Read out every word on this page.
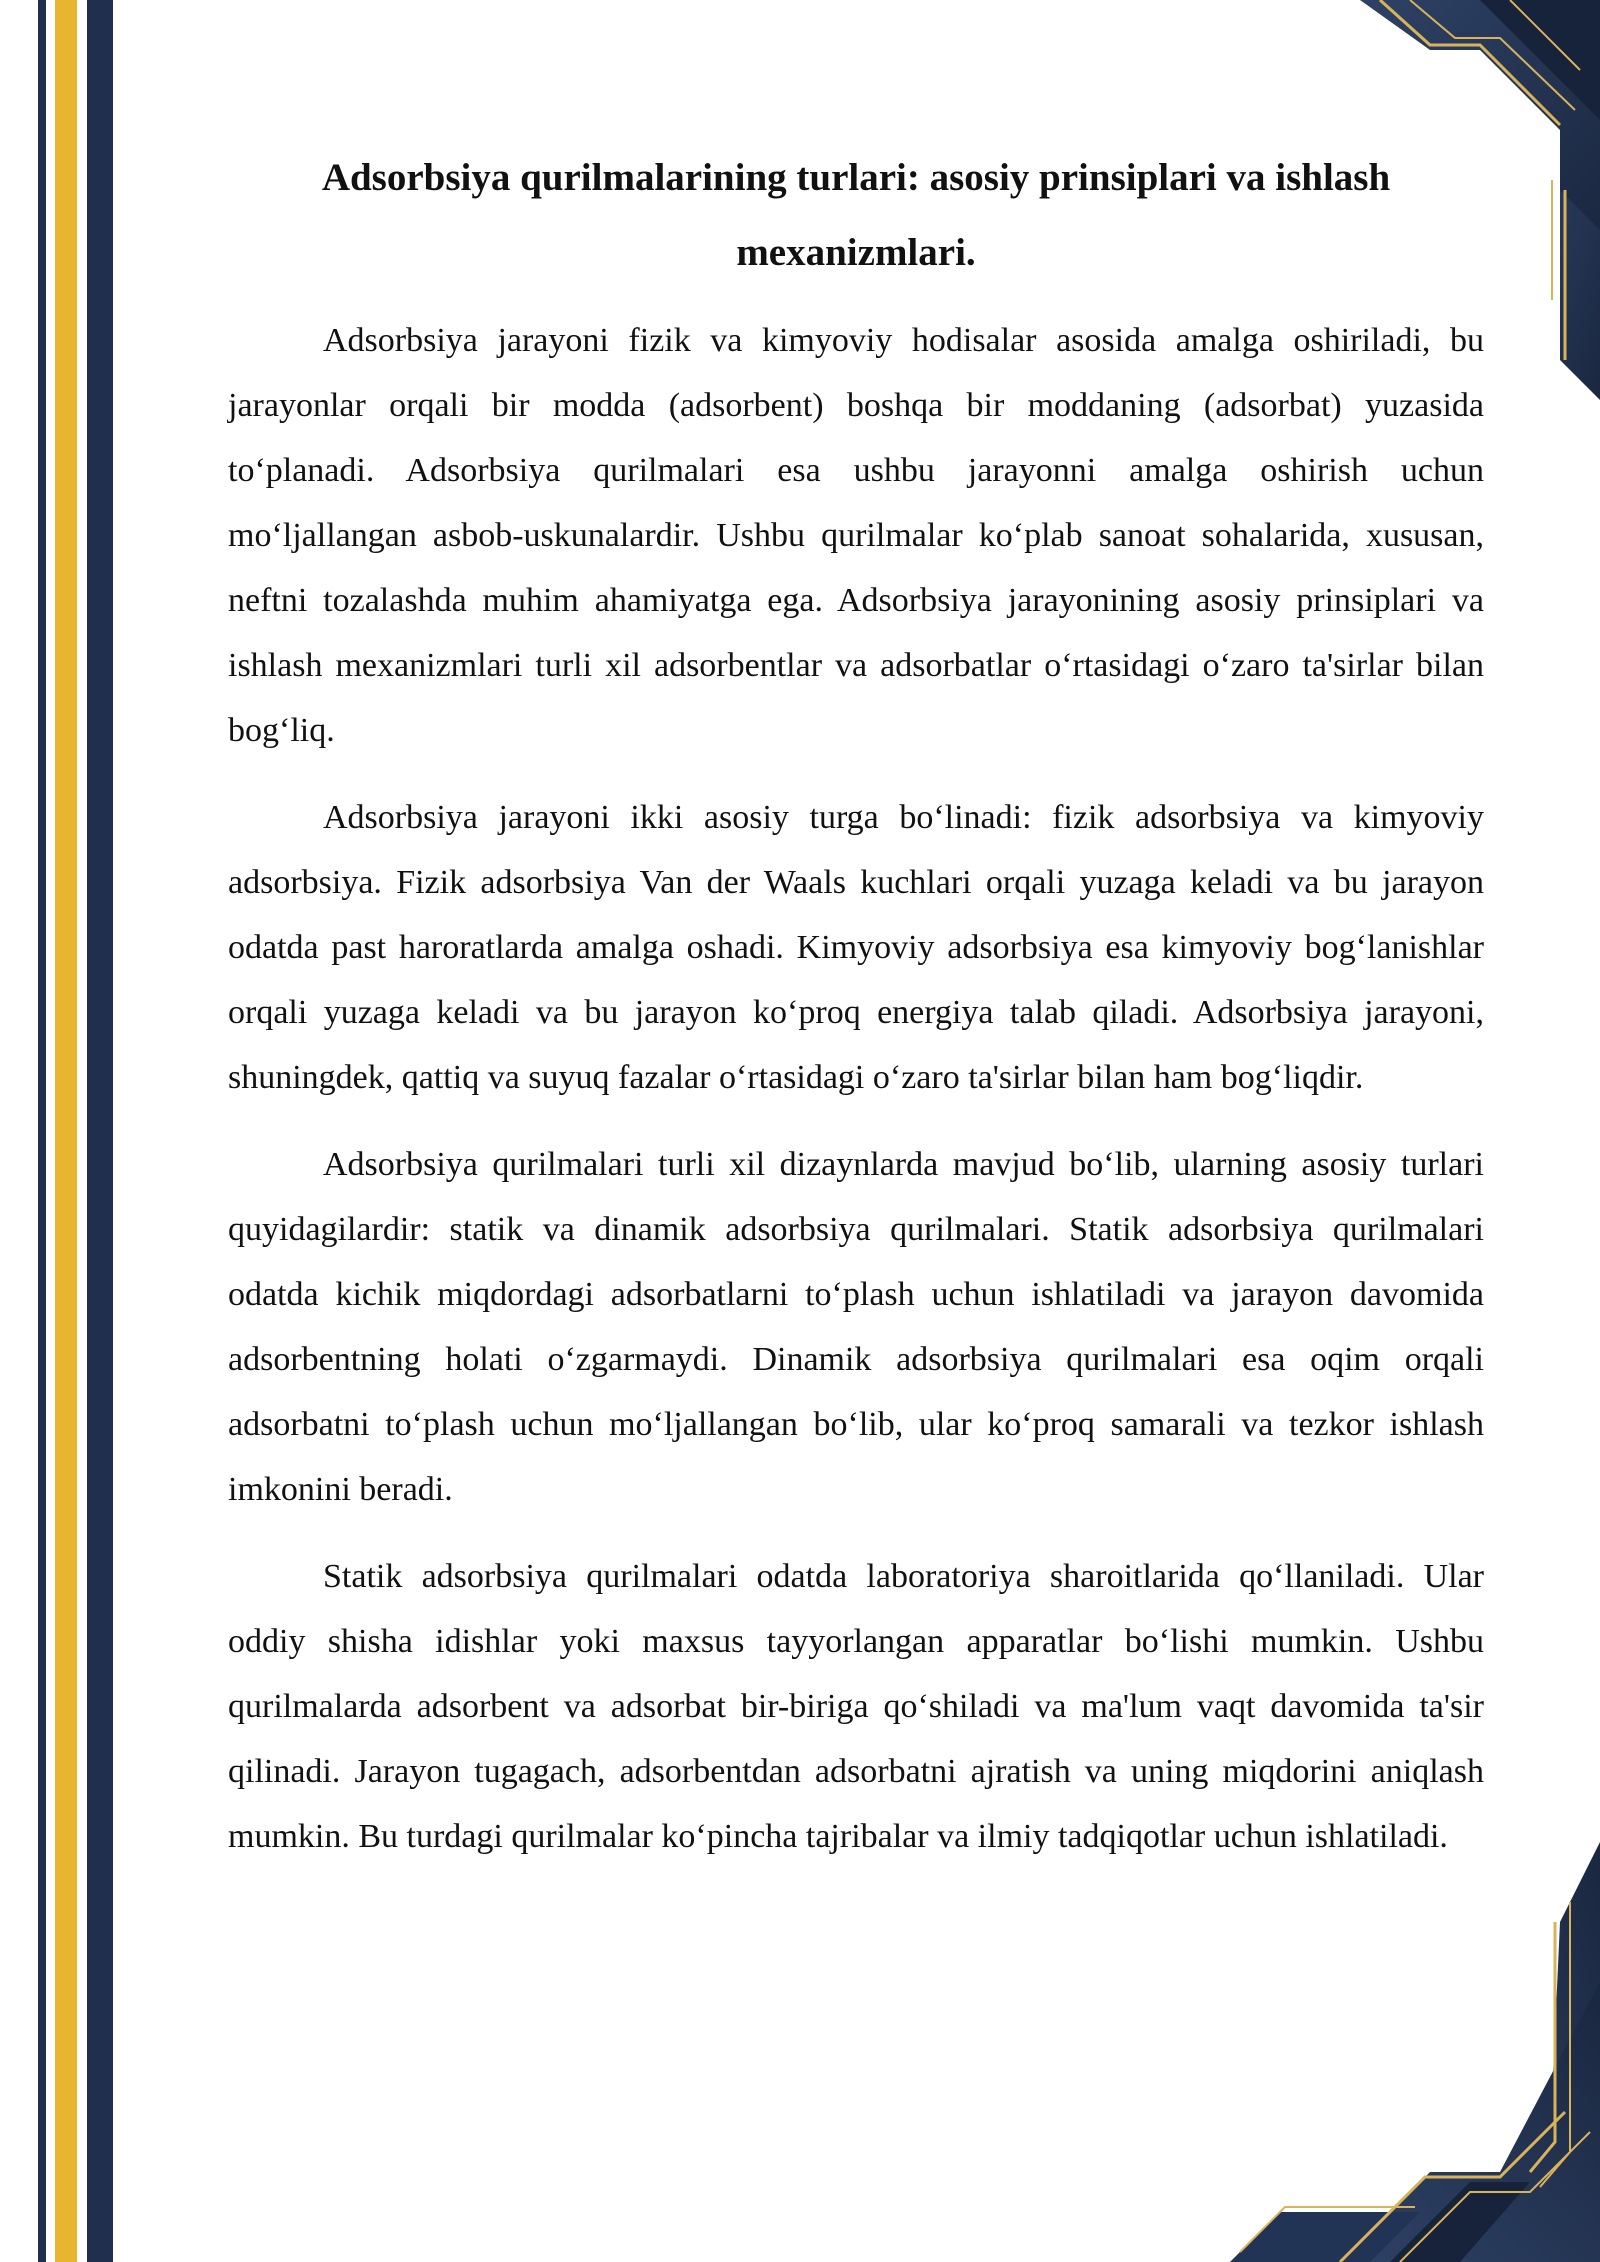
Adsorbsiya qurilmalarining turlari: asosiy prinsiplari va ishlash mexanizmlari.

Adsorbsiya jarayoni fizik va kimyoviy hodisalar asosida amalga oshiriladi, bu jarayonlar orqali bir modda (adsorbent) boshqa bir moddaning (adsorbat) yuzasida to‘planadi. Adsorbsiya qurilmalari esa ushbu jarayonni amalga oshirish uchun mo‘ljallangan asbob-uskunalardir. Ushbu qurilmalar ko‘plab sanoat sohalarida, xususan, neftni tozalashda muhim ahamiyatga ega. Adsorbsiya jarayonining asosiy prinsiplari va ishlash mexanizmlari turli xil adsorbentlar va adsorbatlar o‘rtasidagi o‘zaro ta'sirlar bilan bog‘liq.

Adsorbsiya jarayoni ikki asosiy turga bo‘linadi: fizik adsorbsiya va kimyoviy adsorbsiya. Fizik adsorbsiya Van der Waals kuchlari orqali yuzaga keladi va bu jarayon odatda past haroratlarda amalga oshadi. Kimyoviy adsorbsiya esa kimyoviy bog‘lanishlar orqali yuzaga keladi va bu jarayon ko‘proq energiya talab qiladi. Adsorbsiya jarayoni, shuningdek, qattiq va suyuq fazalar o‘rtasidagi o‘zaro ta'sirlar bilan ham bog‘liqdir.

Adsorbsiya qurilmalari turli xil dizaynlarda mavjud bo‘lib, ularning asosiy turlari quyidagilardir: statik va dinamik adsorbsiya qurilmalari. Statik adsorbsiya qurilmalari odatda kichik miqdordagi adsorbatlarni to‘plash uchun ishlatiladi va jarayon davomida adsorbentning holati o‘zgarmaydi. Dinamik adsorbsiya qurilmalari esa oqim orqali adsorbatni to‘plash uchun mo‘ljallangan bo‘lib, ular ko‘proq samarali va tezkor ishlash imkonini beradi.

Statik adsorbsiya qurilmalari odatda laboratoriya sharoitlarida qo‘llaniladi. Ular oddiy shisha idishlar yoki maxsus tayyorlangan apparatlar bo‘lishi mumkin. Ushbu qurilmalarda adsorbent va adsorbat bir-biriga qo‘shiladi va ma'lum vaqt davomida ta'sir qilinadi. Jarayon tugagach, adsorbentdan adsorbatni ajratish va uning miqdorini aniqlash mumkin. Bu turdagi qurilmalar ko‘pincha tajribalar va ilmiy tadqiqotlar uchun ishlatiladi.
